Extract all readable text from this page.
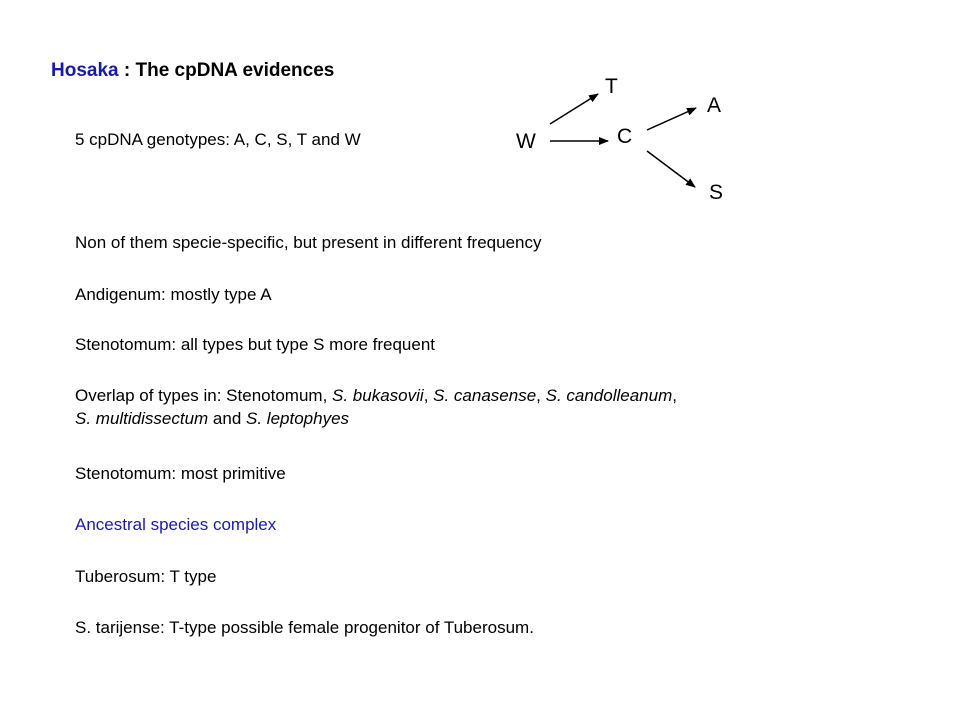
Hosaka : The cpDNA evidences
5 cpDNA genotypes: A, C, S, T and W	W
T
C
A
S
Non of them specie-specific, but present in different frequency
Andigenum: mostly type A
Stenotomum: all types but type S more frequent
Overlap of types in: Stenotomum, S. bukasovii, S. canasense, S. candolleanum,
S. multidissectum and S. leptophyes
Stenotomum: most primitive
Ancestral species complex
Tuberosum: T type
S. tarijense: T-type possible female progenitor of Tuberosum.
